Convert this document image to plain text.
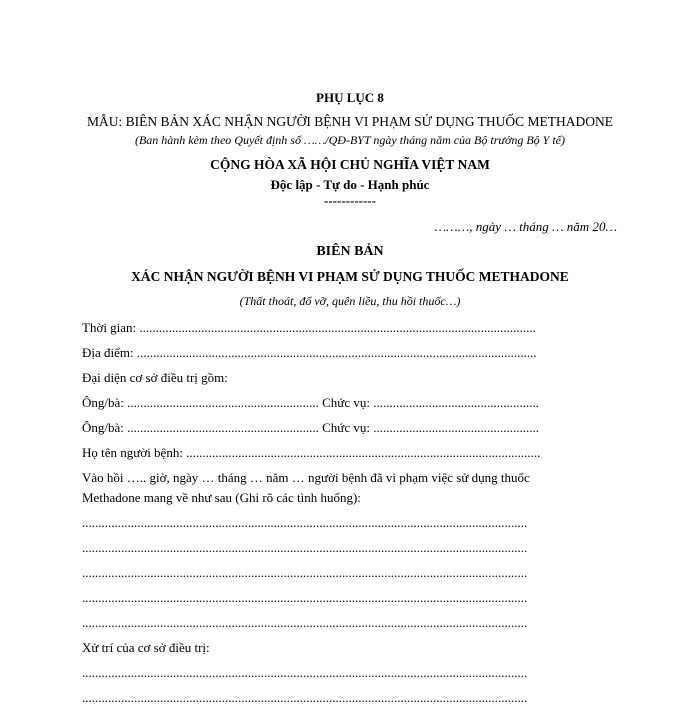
PHỤ LỤC 8
MẪU: BIÊN BẢN XÁC NHẬN NGƯỜI BỆNH VI PHẠM SỬ DỤNG THUỐC METHADONE
(Ban hành kèm theo Quyết định số ……/QĐ-BYT ngày tháng năm của Bộ trưởng Bộ Y tế)
CỘNG HÒA XÃ HỘI CHỦ NGHĨA VIỆT NAM
Độc lập - Tự do - Hạnh phúc
------------
………, ngày … tháng … năm 20…
BIÊN BẢN
XÁC NHẬN NGƯỜI BỆNH VI PHẠM SỬ DỤNG THUỐC METHADONE
(Thất thoát, đổ vỡ, quên liều, thu hồi thuốc…)
Thời gian: ..........................................................................................................................
Địa điểm: ...........................................................................................................................
Đại diện cơ sở điều trị gồm:
Ông/bà: ........................................................... Chức vụ: ...................................................
Ông/bà: ........................................................... Chức vụ: ...................................................
Họ tên người bệnh: .............................................................................................................
Vào hồi ….. giờ, ngày … tháng … năm … người bệnh đã vi phạm việc sử dụng thuốc
Methadone mang về như sau (Ghi rõ các tình huống):
.........................................................................................................................................
.........................................................................................................................................
.........................................................................................................................................
.........................................................................................................................................
.........................................................................................................................................
Xử trí của cơ sở điều trị:
.........................................................................................................................................
.........................................................................................................................................
